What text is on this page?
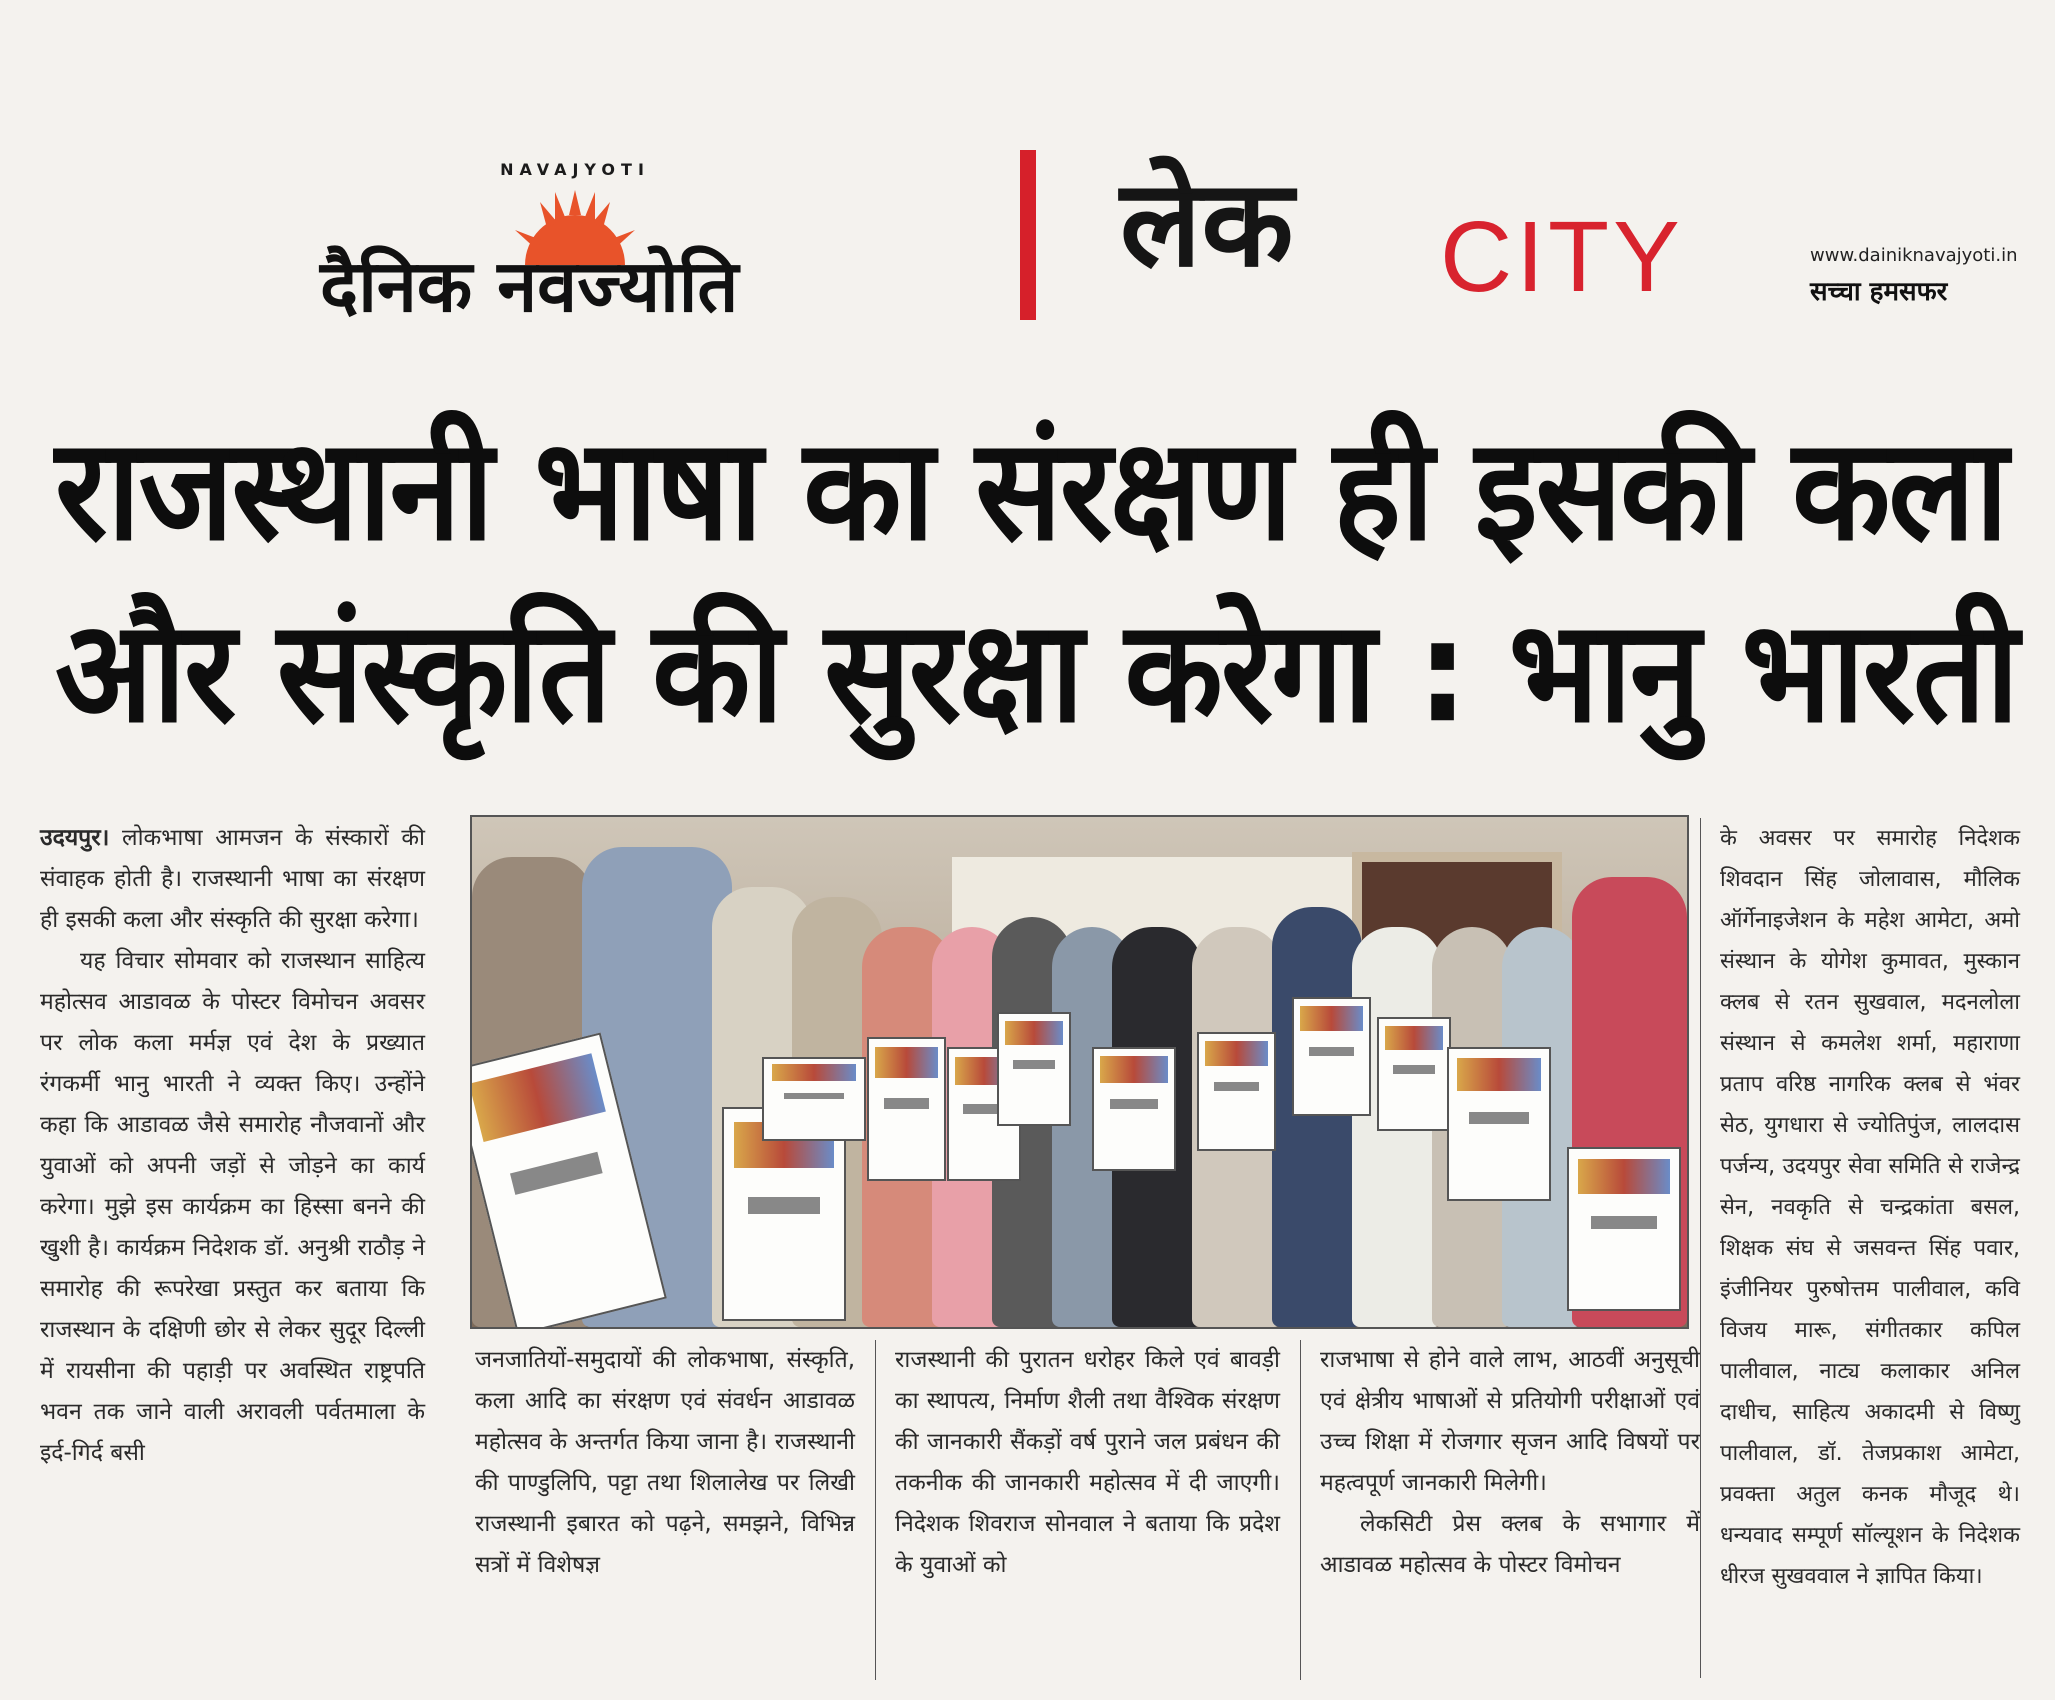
NAVAJYOTI
दैनिक नवज्योति	लेक CITY	www.dainiknavajyoti.in
सच्चा हमसफर
राजस्थानी भाषा का संरक्षण ही इसकी कला
और संस्कृति की सुरक्षा करेगा : भानु भारती

उदयपुर। लोकभाषा आमजन के संस्कारों की संवाहक होती है। राजस्थानी भाषा का संरक्षण ही इसकी कला और संस्कृति की सुरक्षा करेगा।

यह विचार सोमवार को राजस्थान साहित्य महोत्सव आडावळ के पोस्टर विमोचन अवसर पर लोक कला मर्मज्ञ एवं देश के प्रख्यात रंगकर्मी भानु भारती ने व्यक्त किए। उन्होंने कहा कि आडावळ जैसे समारोह नौजवानों और युवाओं को अपनी जड़ों से जोड़ने का कार्य करेगा। मुझे इस कार्यक्रम का हिस्सा बनने की खुशी है। कार्यक्रम निदेशक डॉ. अनुश्री राठौड़ ने समारोह की रूपरेखा प्रस्तुत कर बताया कि राजस्थान के दक्षिणी छोर से लेकर सुदूर दिल्ली में रायसीना की पहाड़ी पर अवस्थित राष्ट्रपति भवन तक जाने वाली अरावली पर्वतमाला के इर्द-गिर्द बसी

जनजातियों-समुदायों की लोकभाषा, संस्कृति, कला आदि का संरक्षण एवं संवर्धन आडावळ महोत्सव के अन्तर्गत किया जाना है। राजस्थानी की पाण्डुलिपि, पट्टा तथा शिलालेख पर लिखी राजस्थानी इबारत को पढ़ने, समझने, विभिन्न सत्रों में विशेषज्ञ
राजस्थानी की पुरातन धरोहर किले एवं बावड़ी का स्थापत्य, निर्माण शैली तथा वैश्विक संरक्षण की जानकारी सैंकड़ों वर्ष पुराने जल प्रबंधन की तकनीक की जानकारी महोत्सव में दी जाएगी। निदेशक शिवराज सोनवाल ने बताया कि प्रदेश के युवाओं को

राजभाषा से होने वाले लाभ, आठवीं अनुसूची एवं क्षेत्रीय भाषाओं से प्रतियोगी परीक्षाओं एवं उच्च शिक्षा में रोजगार सृजन आदि विषयों पर महत्वपूर्ण जानकारी मिलेगी।

लेकसिटी प्रेस क्लब के सभागार में आडावळ महोत्सव के पोस्टर विमोचन

के अवसर पर समारोह निदेशक शिवदान सिंह जोलावास, मौलिक ऑर्गेनाइजेशन के महेश आमेटा, अमो संस्थान के योगेश कुमावत, मुस्कान क्लब से रतन सुखवाल, मदनलोला संस्थान से कमलेश शर्मा, महाराणा प्रताप वरिष्ठ नागरिक क्लब से भंवर सेठ, युगधारा से ज्योतिपुंज, लालदास पर्जन्य, उदयपुर सेवा समिति से राजेन्द्र सेन, नवकृति से चन्द्रकांता बसल, शिक्षक संघ से जसवन्त सिंह पवार, इंजीनियर पुरुषोत्तम पालीवाल, कवि विजय मारू, संगीतकार कपिल पालीवाल, नाट्य कलाकार अनिल दाधीच, साहित्य अकादमी से विष्णु पालीवाल, डॉ. तेजप्रकाश आमेटा, प्रवक्ता अतुल कनक मौजूद थे। धन्यवाद सम्पूर्ण सॉल्यूशन के निदेशक धीरज सुखववाल ने ज्ञापित किया।
